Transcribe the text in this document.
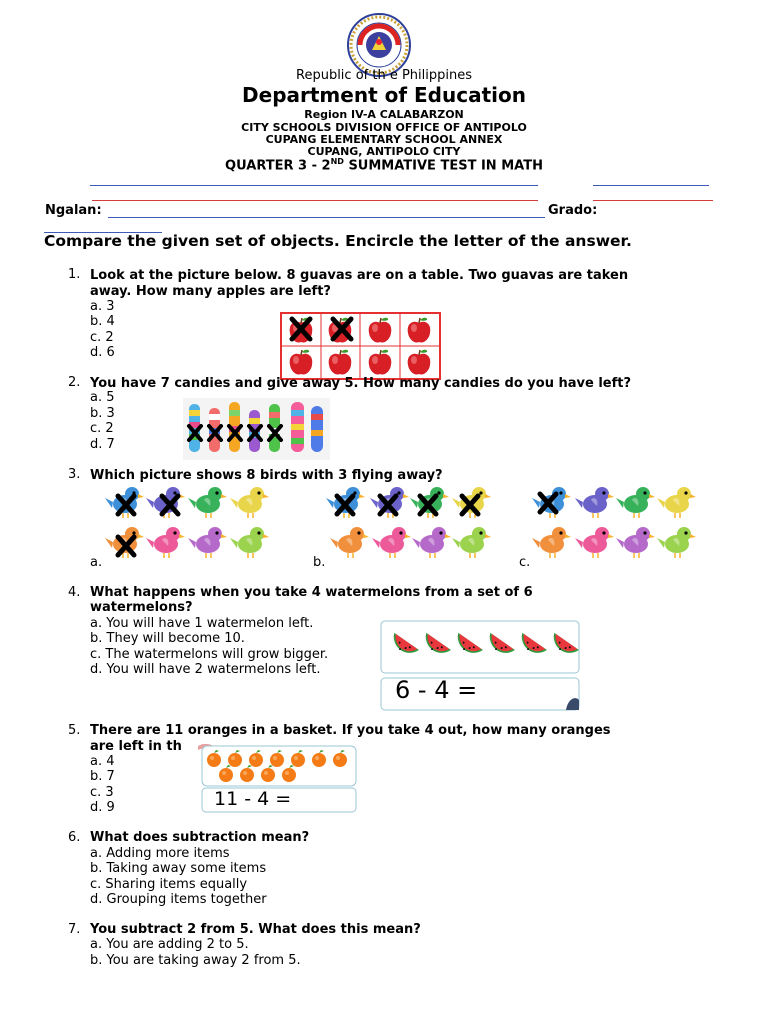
Republic of th e Philippines
Department of Education
Region IV-A CALABARZON
CITY SCHOOLS DIVISION OFFICE OF ANTIPOLO
CUPANG ELEMENTARY SCHOOL ANNEX
CUPANG, ANTIPOLO CITY
QUARTER 3 - 2ND SUMMATIVE TEST IN MATH
Ngalan:	Grado:
Compare the given set of objects. Encircle the letter of the answer.
1. Look at the picture below. 8 guavas are on a table. Two guavas are taken
away. How many apples are left?
a. 3
b. 4
c. 2
d. 6
2. You have 7 candies and give away 5. How many candies do you have left?
a. 5
b. 3
c. 2
d. 7
3. Which picture shows 8 birds with 3 flying away?
a.	b.	c.
4. What happens when you take 4 watermelons from a set of 6
watermelons?
a. You will have 1 watermelon left.
b. They will become 10.
c. The watermelons will grow bigger.
d. You will have 2 watermelons left.
6 - 4 =
5. There are 11 oranges in a basket. If you take 4 out, how many oranges
are left in th
a. 4
b. 7
c. 3
d. 9	11 - 4 =
6. What does subtraction mean?
a. Adding more items
b. Taking away some items
c. Sharing items equally
d. Grouping items together
7. You subtract 2 from 5. What does this mean?
a. You are adding 2 to 5.
b. You are taking away 2 from 5.
